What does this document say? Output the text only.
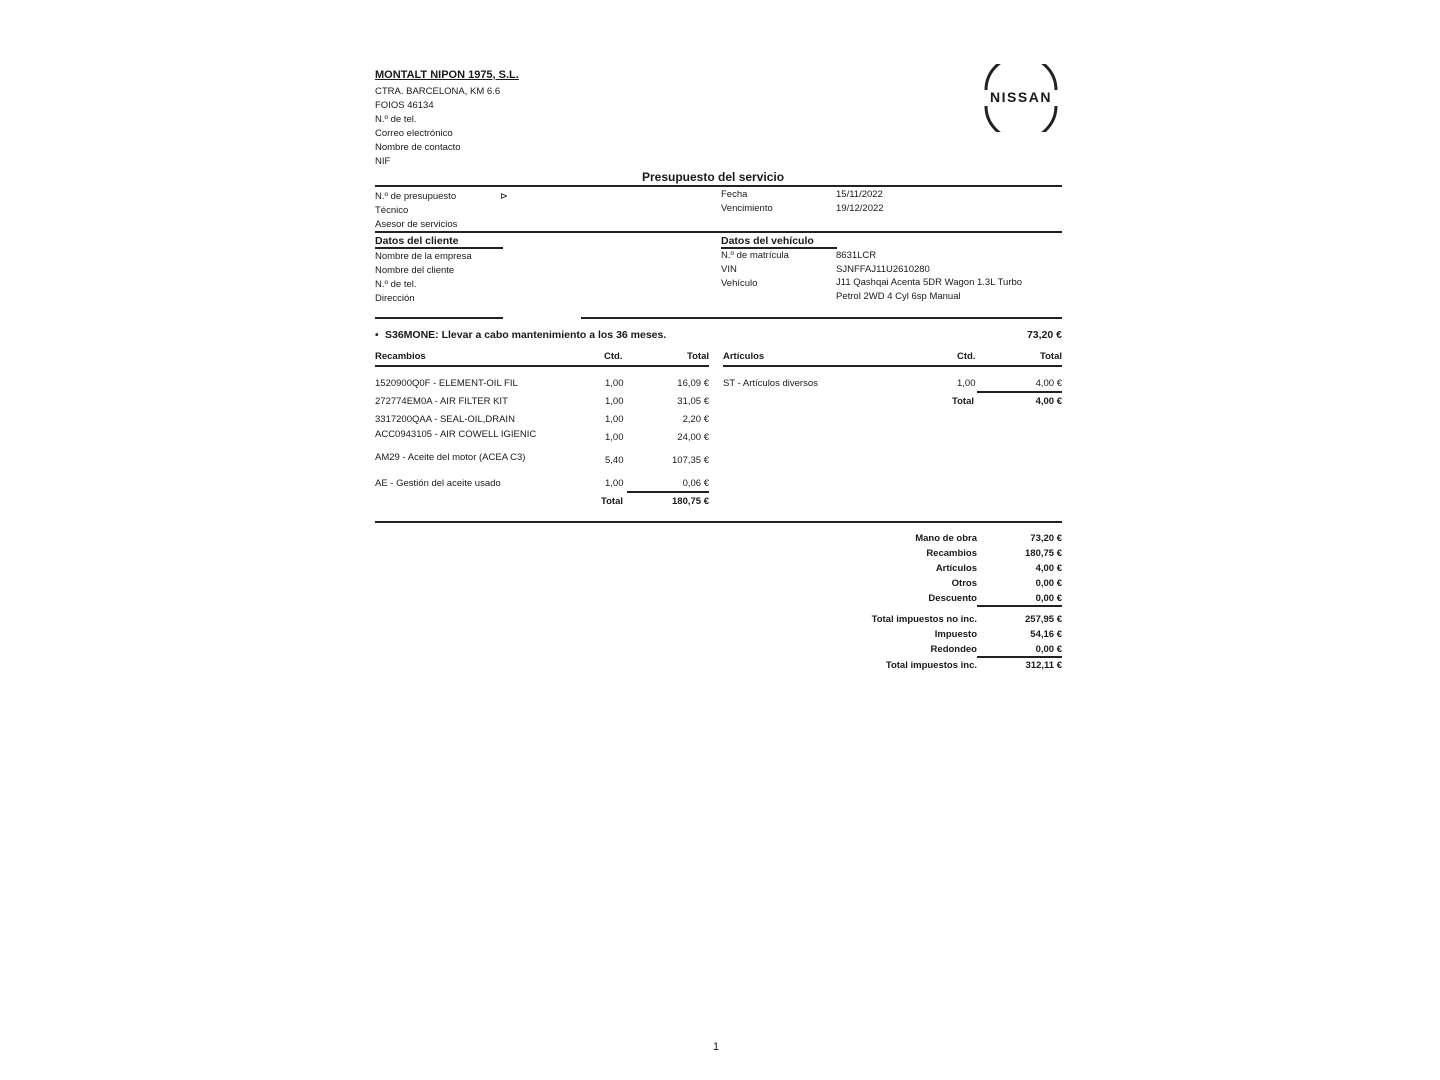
MONTALT NIPON 1975, S.L.
CTRA. BARCELONA, KM 6.6
FOIOS 46134
N.º de tel.
Correo electrónico
Nombre de contacto
NIF
NISSAN
Presupuesto del servicio
N.º de presupuesto	⊳
Técnico
Asesor de servicios
Fecha	15/11/2022
Vencimiento	19/12/2022
Datos del cliente
Nombre de la empresa
Nombre del cliente
N.º de tel.
Dirección
Datos del vehículo
N.º de matrícula	8631LCR
VIN	SJNFFAJ11U2610280
Vehículo	J11 Qashqai Acenta 5DR Wagon 1.3L Turbo
Petrol 2WD 4 Cyl 6sp Manual
• S36MONE: Llevar a cabo mantenimiento a los 36 meses.	73,20 €
Recambios	Ctd.	Total
1520900Q0F - ELEMENT-OIL FIL	1,00	16,09 €
272774EM0A - AIR FILTER KIT	1,00	31,05 €
3317200QAA - SEAL-OIL,DRAIN	1,00	2,20 €
ACC0943105 - AIR COWELL IGIENIC	1,00	24,00 €
AM29 - Aceite del motor (ACEA C3)	5,40	107,35 €
AE - Gestión del aceite usado	1,00	0,06 €
Total	180,75 €
Artículos	Ctd.	Total
ST - Artículos diversos	1,00	4,00 €
Total	4,00 €
Mano de obra	73,20 €
Recambios	180,75 €
Artículos	4,00 €
Otros	0,00 €
Descuento	0,00 €
Total impuestos no inc.	257,95 €
Impuesto	54,16 €
Redondeo	0,00 €
Total impuestos inc.	312,11 €
1
